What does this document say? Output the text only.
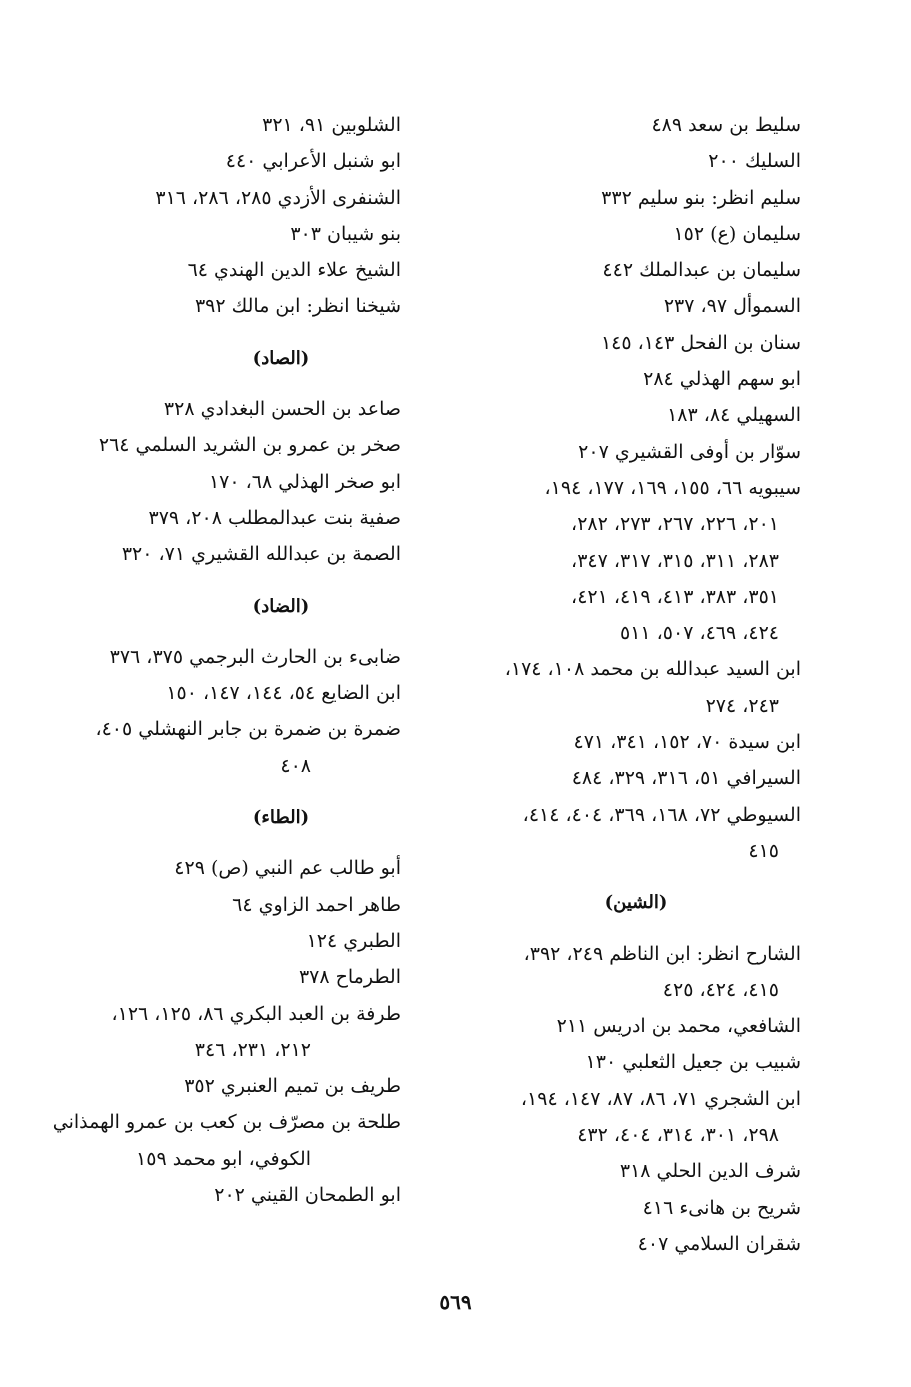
سليط بن سعد ٤٨٩
السليك ٢٠٠
سليم انظر: بنو سليم ٣٣٢
سليمان (ع) ١٥٢
سليمان بن عبدالملك ٤٤٢
السموأل ٩٧، ٢٣٧
سنان بن الفحل ١٤٣، ١٤٥
ابو سهم الهذلي ٢٨٤
السهيلي ٨٤، ١٨٣
سوّار بن أوفى القشيري ٢٠٧
سيبويه ٦٦، ١٥٥، ١٦٩، ١٧٧، ١٩٤،
٢٠١، ٢٢٦، ٢٦٧، ٢٧٣، ٢٨٢،
٢٨٣، ٣١١، ٣١٥، ٣١٧، ٣٤٧،
٣٥١، ٣٨٣، ٤١٣، ٤١٩، ٤٢١،
٤٢٤، ٤٦٩، ٥٠٧، ٥١١
ابن السيد عبدالله بن محمد ١٠٨، ١٧٤،
٢٤٣، ٢٧٤
ابن سيدة ٧٠، ١٥٢، ٣٤١، ٤٧١
السيرافي ٥١، ٣١٦، ٣٢٩، ٤٨٤
السيوطي ٧٢، ١٦٨، ٣٦٩، ٤٠٤، ٤١٤،
٤١٥
(الشين)
الشارح انظر: ابن الناظم ٢٤٩، ٣٩٢،
٤١٥، ٤٢٤، ٤٢٥
الشافعي، محمد بن ادريس ٢١١
شبيب بن جعيل الثعلبي ١٣٠
ابن الشجري ٧١، ٨٦، ٨٧، ١٤٧، ١٩٤،
٢٩٨، ٣٠١، ٣١٤، ٤٠٤، ٤٣٢
شرف الدين الحلي ٣١٨
شريح بن هانىء ٤١٦
شقران السلامي ٤٠٧
الشلوبين ٩١، ٣٢١
ابو شنبل الأعرابي ٤٤٠
الشنفرى الأزدي ٢٨٥، ٢٨٦، ٣١٦
بنو شيبان ٣٠٣
الشيخ علاء الدين الهندي ٦٤
شيخنا انظر: ابن مالك ٣٩٢
(الصاد)
صاعد بن الحسن البغدادي ٣٢٨
صخر بن عمرو بن الشريد السلمي ٢٦٤
ابو صخر الهذلي ٦٨، ١٧٠
صفية بنت عبدالمطلب ٢٠٨، ٣٧٩
الصمة بن عبدالله القشيري ٧١، ٣٢٠
(الضاد)
ضابىء بن الحارث البرجمي ٣٧٥، ٣٧٦
ابن الضايع ٥٤، ١٤٤، ١٤٧، ١٥٠
ضمرة بن ضمرة بن جابر النهشلي ٤٠٥،
٤٠٨
(الطاء)
أبو طالب عم النبي (ص) ٤٢٩
طاهر احمد الزاوي ٦٤
الطبري ١٢٤
الطرماح ٣٧٨
طرفة بن العبد البكري ٨٦، ١٢٥، ١٢٦،
٢١٢، ٢٣١، ٣٤٦
طريف بن تميم العنبري ٣٥٢
طلحة بن مصرّف بن كعب بن عمرو الهمذاني
الكوفي، ابو محمد ١٥٩
ابو الطمحان القيني ٢٠٢
٥٦٩
